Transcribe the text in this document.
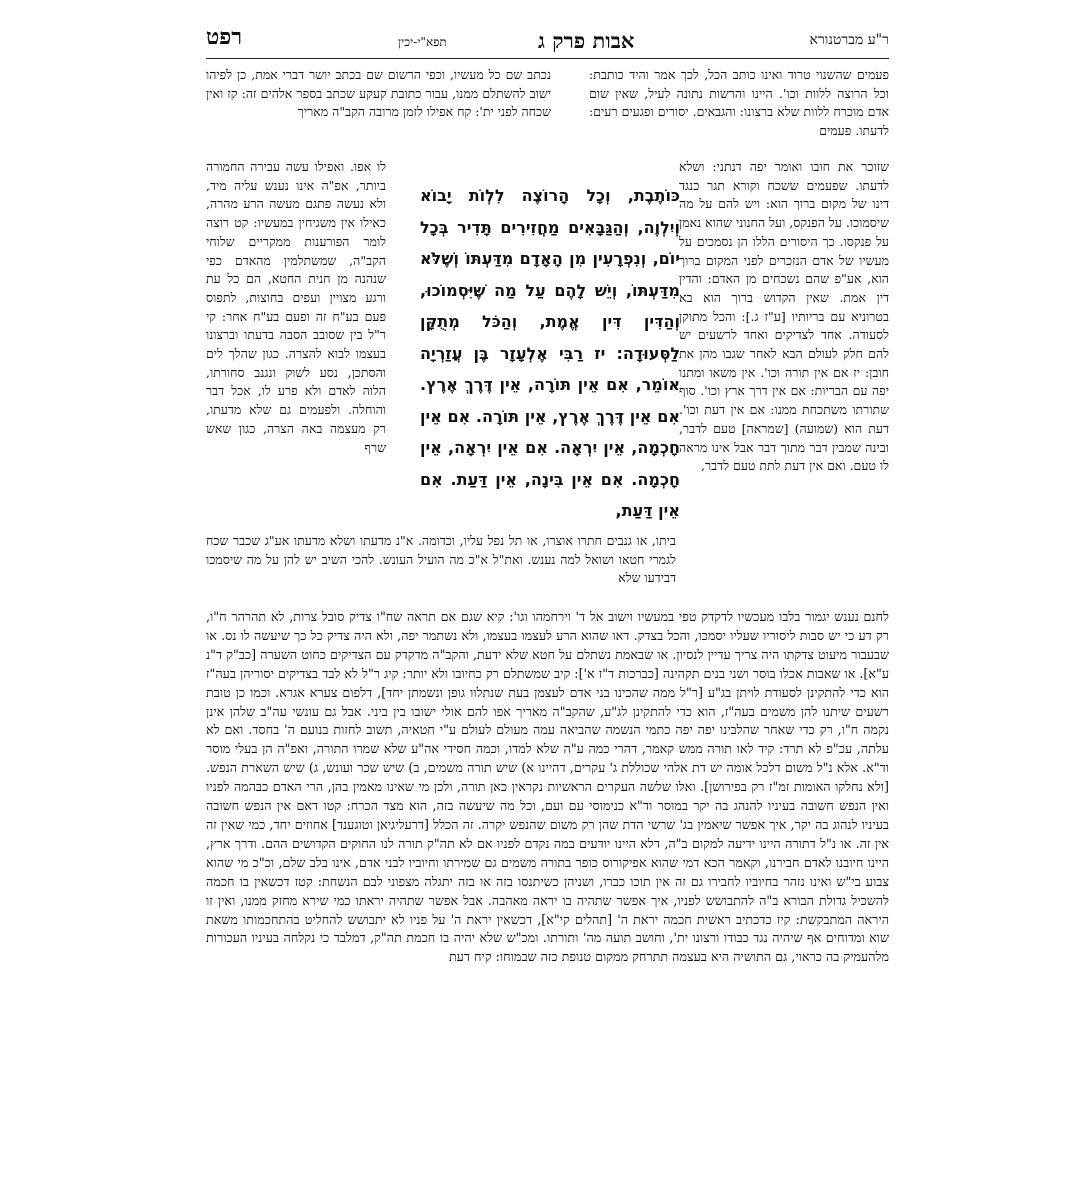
ר"ע מברטנורא
אבות פרק ג
תפא"י-יכין
רפט

פעמים שהשנוי טרוד ואינו כותב הכל, לכך אמר והיד כותבת: וכל הרוצה ללוות וכו'. היינו והרשות נתונה לעיל, שאין שום אדם מוכרח ללוות שלא ברצונו: והגבאים. יסורים ופגעים רעים: לדעתו. פעמים

נכתב שם כל מעשיו, וכפי הרשום שם בכתב יושר דברי אמת, כן לפיהו ישוב להשתלם ממנו, עבור כתובת קעקע שכתב בספר אלהים זה: קז ואין שכחה לפני ית': קח אפילו לזמן מרובה הקב"ה מאריך

שזוכר את חובו ואומר יפה דנתני: ושלא לדעתו. שפעמים ששכח וקורא תגר כנגד דינו של מקום ברוך הוא: ויש להם על מה שיסמוכו. על הפנקס, ועל החנוני שהוא נאמן על פנקסו. כך היסורים הללו הן נסמכים על מעשיו של אדם הנזכרים לפני המקום ברוך הוא, אע"פ שהם נשכחים מן האדם: והדין דין אמת. שאין הקדוש ברוך הוא בא בטרוניא עם בריותיו [ע"ז ג.]: והכל מתוקן לסעודה. אחד לצדיקים ואחד לרשעים יש להם חלק לעולם הבא לאחר שגבו מהן את חובן: יז אם אין תורה וכו'. אין משאו ומתנו יפה עם הבריות: אם אין דרך ארץ וכו'. סוף שתורתו משתכחת ממנו: אם אין דעת וכו'. דעת הוא (שמועה) [שמראה] טעם לדבר, ובינה שמבין דבר מתוך דבר אבל אינו מראה לו טעם. ואם אין דעת לתת טעם לדבר,

כּוֹתֶבֶת, וְכָל הָרוֹצֶה לִלְוֹת יָבוֹא וְיִלְוֶה, וְהַגַּבָּאִים מַחֲזִירִים תָּדִיר בְּכָל יוֹם, וְנִפְרָעִין מִן הָאָדָם מִדַּעְתּוֹ וְשֶׁלֹּא מִדַּעְתּוֹ, וְיֵשׁ לָהֶם עַל מַה שֶּׁיִּסְמוֹכוּ, וְהַדִּין דִּין אֱמֶת, וְהַכֹּל מְתֻקָּן לַסְּעוּדָה: יז רַבִּי אֶלְעָזָר בֶּן עֲזַרְיָה אוֹמֵר, אִם אֵין תּוֹרָה, אֵין דֶּרֶךְ אֶרֶץ. אִם אֵין דֶּרֶךְ אֶרֶץ, אֵין תּוֹרָה. אִם אֵין חָכְמָה, אֵין יִרְאָה. אִם אֵין יִרְאָה, אֵין חָכְמָה. אִם אֵין בִּינָה, אֵין דַּעַת. אִם אֵין דַּעַת,

לו אפו. ואפילו עשה עבירה החמורה ביותר, אפ"ה אינו נענש עליה מיד, ולא נעשה פתגם מעשה הרע מהרה, כאילו אין משגיחין במעשיו: קט רוצה לומר הפורענות ממקריים שלוחי הקב"ה, שמשתלמין מהאדם כפי שנהנה מן חנית החטא, הם כל עת ורגע מצויין ועפים בחוצות, לתפוס פעם בע"ח זה ופעם בע"ח אחר: קי ר"ל בין שסובב הסבה בדעתו וברצונו בעצמו לבוא להצרה. כגון שהלך לים והסתכן, נסע לשוק ונגנב סחורתו, הלוה לאדם ולא פרע לו, אכל דבר והוחלה. ולפעמים גם שלא מדעתו, רק מעצמה באה הצרה, כגון שאש שרף

ביתו, או גנבים חתרו אוצרו, או תל נפל עליו, וכדומה. א"נ מדעתו ושלא מדעתו אע"ג שכבר שכח לגמרי חטאו ושואל למה נענש. ואת"ל א"כ מה הועיל העונש. להכי השיב יש להן על מה שיסמכו דבידעו שלא

לחנם נענש יגמור בלבו מעכשיו לדקדק טפי במעשיו וישוב אל ד' וירחמהו וגו': קיא שגם אם תראה שח"ו צדיק סובל צרות, לא תהרהר ח"ו, רק דע כי יש סבות ליסוריו שעליו יסמכו, והכל בצדק. דאו שהוא הרע לעצמו בעצמו, ולא נשתמר יפה, ולא היה צדיק כל כך שיעשה לו נס. או שבעבור מיעוט צדקתו היה צריך עדיין לנסיון. או שבאמת נשתלם על חטא שלא ידעת, והקב"ה מדקדק עם הצדיקים כחוט השערה [כב"ק ד"נ ע"א]. או שאבות אכלו בוסר ושני בנים תקהינה [כברכות ד"ז א']: קיב שמשתלם רק כחיובו ולא יותר: קיג ר"ל לא לבד בצדיקים יסוריהן בעה"ז הוא כדי להתקינן לסעודת לויתן בג"ע [ר"ל ממה שהכינו בני אדם לעצמן בעת שנתלוו גופן ונשמתן יחד], דלפום צערא אגרא. וכמו כן טובת רשעים שיתנו להן משמים בעה"ז, הוא כדי להתקינן לג"ע, שהקב"ה מאריך אפו להם אולי ישובו בין ביני. אבל גם עונשי עה"ב שלהן אינן נקמה ח"ו, רק כדי שאחר שהלבינו יפה יפה כתמי הנשמה שהביאה עמה מעולם לעולם ע"י חטאיה, תשוב לחזות בנועם ה' בחסד. ואם לא עלתה, עכ"פ לא תרד: קיד לאו תורה ממש קאמר, דהרי כמה ע"ה שלא למדו, וכמה חסידי אה"ע שלא שמרו התורה, ואפ"ה הן בעלי מוסר וד"א. אלא נ"ל משום דלכל אומה יש דת אלהי שכוללת ג' עקרים, דהיינו א) שיש תורה משמים, ב) שיש שכר ועונש, ג) שיש השארת הנפש. [ולא נחלקו האומות זמ"ז רק בפירושן]. ואלו שלשה העקרים הראשיות נקראין כאן תורה, ולכן מי שאינו מאמין בהן, הרי האדם כבהמה לפניו ואין הנפש חשובה בעיניו להנהג בה יקר במוסר וד"א כנימוסי עם ועם, וכל מה שיעשה בזה, הוא מצד הכרח: קטו דאם אין הנפש חשובה בעיניו לנהוג בה יקר, איך אפשר שיאמין בג' שרשי הדת שהן רק משום שהנפש יקרה. זה הכלל [דרעליגיאן וטוגענד] אחוזים יחד, כמי שאין זה אין זה. או נ"ל דתורה היינו ידיעה למקום ב"ה, דלא היינו יודעים במה נקדם לפניו אם לא תה"ק תורה לנו החוקים הקדושים ההם. ודרך ארץ, היינו חיובנו לאדם חבירנו, וקאמר הכא דמי שהוא אפיקורוס כופר בתורה משמים גם שמירתו וחיוביו לבני אדם, אינו בלב שלם, וכ"כ מי שהוא צבוע בי"ש ואינו נזהר בחיוביו לחבירו גם זה אין תוכו כברו, ושניהן כשיתנסו בזה או בזה יתגלה מצפוני לבם הנשחת: קטז דכשאין בו חכמה להשכיל גדולת הבורא ב"ה להתבושש לפניו, איך אפשר שתהיה בו יראה מאהבה. אבל אפשר שתהיה יראתו כמי שירא מחזק ממנו, ואין זו היראה המתבקשת: קיז כדכתיב ראשית חכמה יראת ה' [תהלים קי"א], דכשאין יראת ה' על פניו לא יתבושש להחליט בהתחכמותו משאת שוא ומדוחים אף שיהיה נגד כבודו ורצונו ית', וחושב תועה מה' ותורתו. ומכ"ש שלא יהיה בו חכמת תה"ק, דמלבד כי נקלחה בעיניו העכורות מלהעמיק בה כראוי, גם התושיה היא בעצמה תתרחק ממקום טנופת כזה שבמוחו: קיח דעת
